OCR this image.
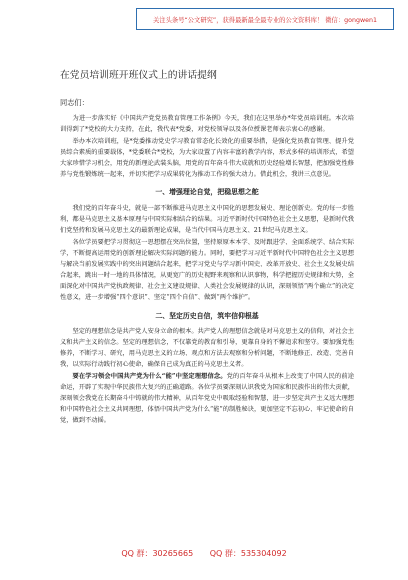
关注头条号“公文研究”，获得最新最全最专业的公文资料库！ 微信：gongwen1
在党员培训班开班仪式上的讲话提纲
同志们：

为进一步落实好《中国共产党党员教育管理工作条例》今天，我们在这里举办*年党员培训班。本次培训得到了*党校的大力支持，在此，我代表*党委，对党校领导以及各位授课老师表示衷心的感谢。

举办本次培训班，是*党委推动党史学习教育常态化长效化的重要举措，是强化党员教育管理、提升党员综合素质的重要载体，*党委联合*党校，为大家设置了内容丰富的教学内容，形式多样的培训形式，希望大家珍惜学习机会，用党的新理论武装头脑，用党的百年奋斗伟大成就和历史经验增长智慧，把加强党性修养与党性锻炼统一起来，并切实把学习成果转化为推动工作的强大动力。借此机会，我讲三点意见。

一、增强理论自觉，把稳思想之舵

我们党的百年奋斗史，就是一部不断推进马克思主义中国化的思想发展史、理论创新史。党的每一步胜利，都是马克思主义基本原理与中国实际相结合的结果。习近平新时代中国特色社会主义思想，是新时代我们党坚持和发展马克思主义的最新理论成果，是当代中国马克思主义、21世纪马克思主义。

各位学员要把学习贯彻这一思想摆在突出位置，坚持原原本本学、及时跟进学、全面系统学、结合实际学，不断提高运用党的创新理论解决实际问题的能力。同时，要把学习习近平新时代中国特色社会主义思想与解决当前发展实践中的突出问题结合起来，把学习党史与学习新中国史、改革开放史、社会主义发展史结合起来，跳出一时一地的具体情况，从更宽广的历史视野来观察和认识事物，科学把握历史规律和大势，全面深化对中国共产党执政规律、社会主义建设规律、人类社会发展规律的认识，深刻领悟“两个确立”的决定性意义，进一步增强“四个意识”、坚定“四个自信”、做到“两个维护”。

二、坚定历史自信，筑牢信仰根基

坚定的理想信念是共产党人安身立命的根本。共产党人的理想信念就是对马克思主义的信仰，对社会主义和共产主义的信念。坚定的理想信念，不仅靠党的教育和引导，更靠自身的不懈追求和坚守。要加强党性修养，不断学习、研究，用马克思主义的立场、观点和方法去观察和分析问题，不断地修正、改造、完善自我，以实际行动践行初心使命，确保自己成为真正的马克思主义者。

要在学习领会中国共产党为什么“能”中坚定理想信念。党的百年奋斗从根本上改变了中国人民的前途命运，开辟了实现中华民族伟大复兴的正确道路。各位学员要深刻认识我党为国家和民族作出的伟大贡献，深刻领会我党在长期奋斗中铸就的伟大精神，从百年党史中吸取经验和智慧，进一步坚定共产主义远大理想和中国特色社会主义共同理想，体悟中国共产党为什么“能”的制胜秘诀，更加坚定不忘初心、牢记使命的自觉，做到不动摇。

QQ 群：30265665 QQ 群：535304092
